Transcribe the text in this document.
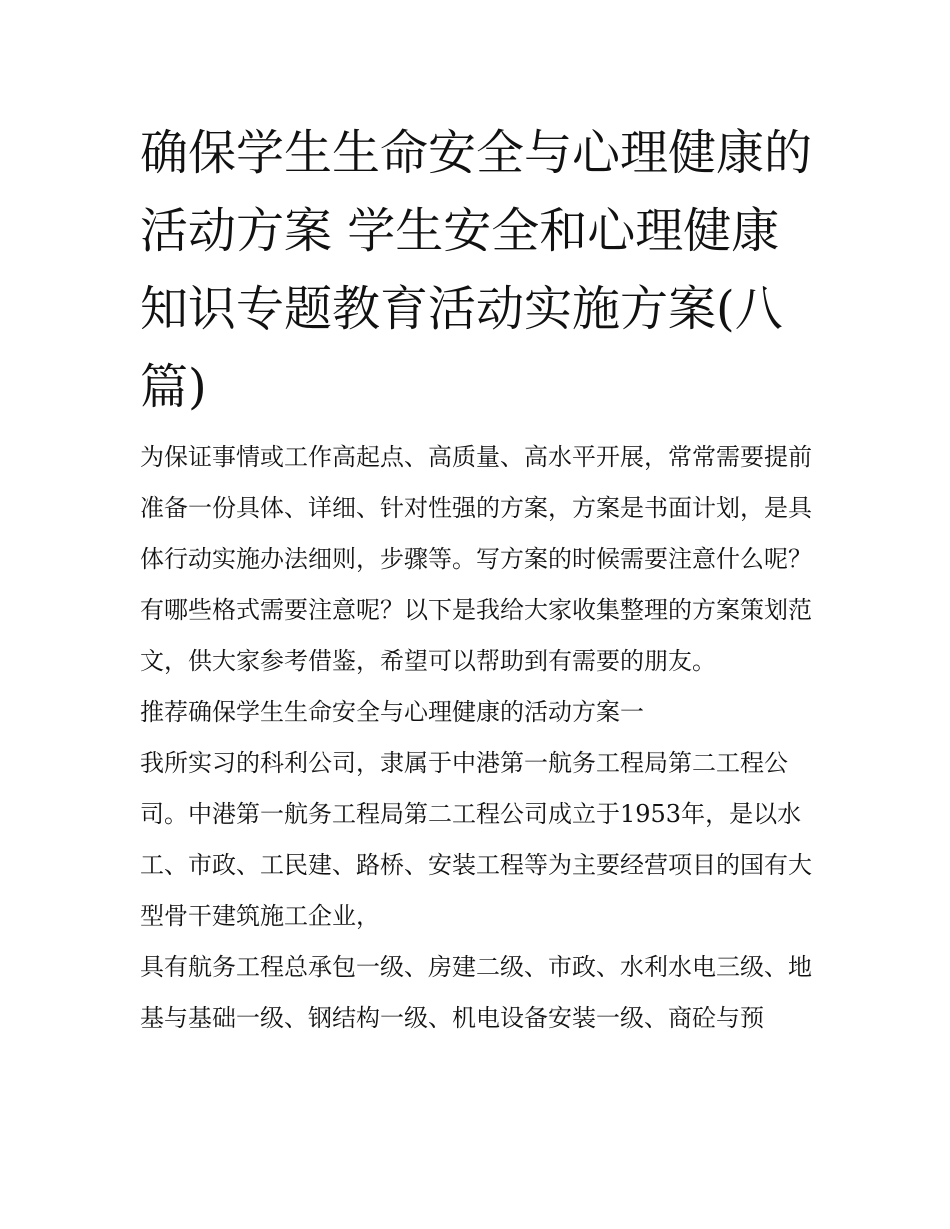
确保学生生命安全与心理健康的活动方案 学生安全和心理健康知识专题教育活动实施方案(八篇)

为保证事情或工作高起点、高质量、高水平开展，常常需要提前准备一份具体、详细、针对性强的方案，方案是书面计划，是具体行动实施办法细则，步骤等。写方案的时候需要注意什么呢？有哪些格式需要注意呢？以下是我给大家收集整理的方案策划范文，供大家参考借鉴，希望可以帮助到有需要的朋友。

推荐确保学生生命安全与心理健康的活动方案一

我所实习的科利公司，隶属于中港第一航务工程局第二工程公司。中港第一航务工程局第二工程公司成立于1953年，是以水工、市政、工民建、路桥、安装工程等为主要经营项目的国有大型骨干建筑施工企业，

具有航务工程总承包一级、房建二级、市政、水利水电三级、地基与基础一级、钢结构一级、机电设备安装一级、商砼与预
